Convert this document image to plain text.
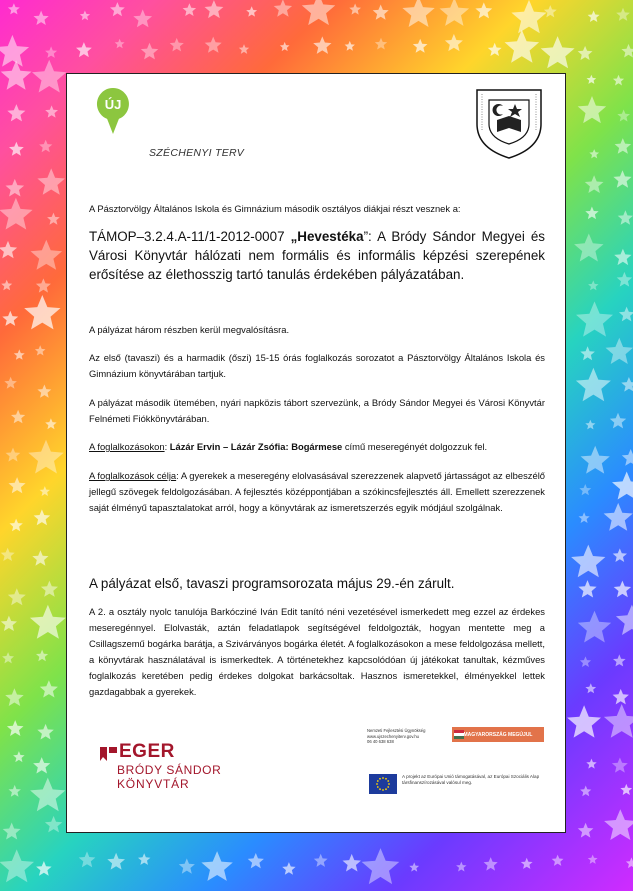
ÚJ
SZÉCHENYI TERV

A Pásztorvölgy Általános Iskola és Gimnázium második osztályos diákjai részt vesznek a:

TÁMOP–3.2.4.A-11/1-2012-0007 „Hevestéka”: A Bródy Sándor Megyei és Városi Könyvtár hálózati nem formális és informális képzési szerepének erősítése az élethosszig tartó tanulás érdekében pályázatában.

A pályázat három részben kerül megvalósításra.

Az első (tavaszi) és a harmadik (őszi) 15-15 órás foglalkozás sorozatot a Pásztorvölgy Általános Iskola és Gimnázium könyvtárában tartjuk.

A pályázat második ütemében, nyári napközis tábort szervezünk, a Bródy Sándor Megyei és Városi Könyvtár Felnémeti Fiókkönyvtárában.

A foglalkozásokon: Lázár Ervin – Lázár Zsófia: Bogármese című meseregényét dolgozzuk fel.

A foglalkozások célja: A gyerekek a meseregény elolvasásával szerezzenek alapvető jártasságot az elbeszélő jellegű szövegek feldolgozásában. A fejlesztés középpontjában a szókincsfejlesztés áll. Emellett szerezzenek saját élményű tapasztalatokat arról, hogy a könyvtárak az ismeretszerzés egyik módjául szolgálnak.

A pályázat első, tavaszi programsorozata május 29.-én zárult.

A 2. a osztály nyolc tanulója Barkócziné Iván Edit tanító néni vezetésével ismerkedett meg ezzel az érdekes meseregénnyel. Elolvasták, aztán feladatlapok segítségével feldolgozták, hogyan mentette meg a Csillagszemű bogárka barátja, a Szivárványos bogárka életét. A foglalkozásokon a mese feldolgozása mellett, a könyvtárak használatával is ismerkedtek. A történetekhez kapcsolódóan új játékokat tanultak, kézműves foglalkozás keretében pedig érdekes dolgokat barkácsoltak. Hasznos ismeretekkel, élményekkel lettek gazdagabbak a gyerekek.

EGER
BRÓDY SÁNDOR
KÖNYVTÁR
Nemzeti Fejlesztési Ügynökség
www.ujszechenyiterv.gov.hu
06 40 638 638
MAGYARORSZÁG MEGÚJUL
A projekt az Európai Unió támogatásával, az Európai Szociális Alap társfinanszírozásával valósul meg.
